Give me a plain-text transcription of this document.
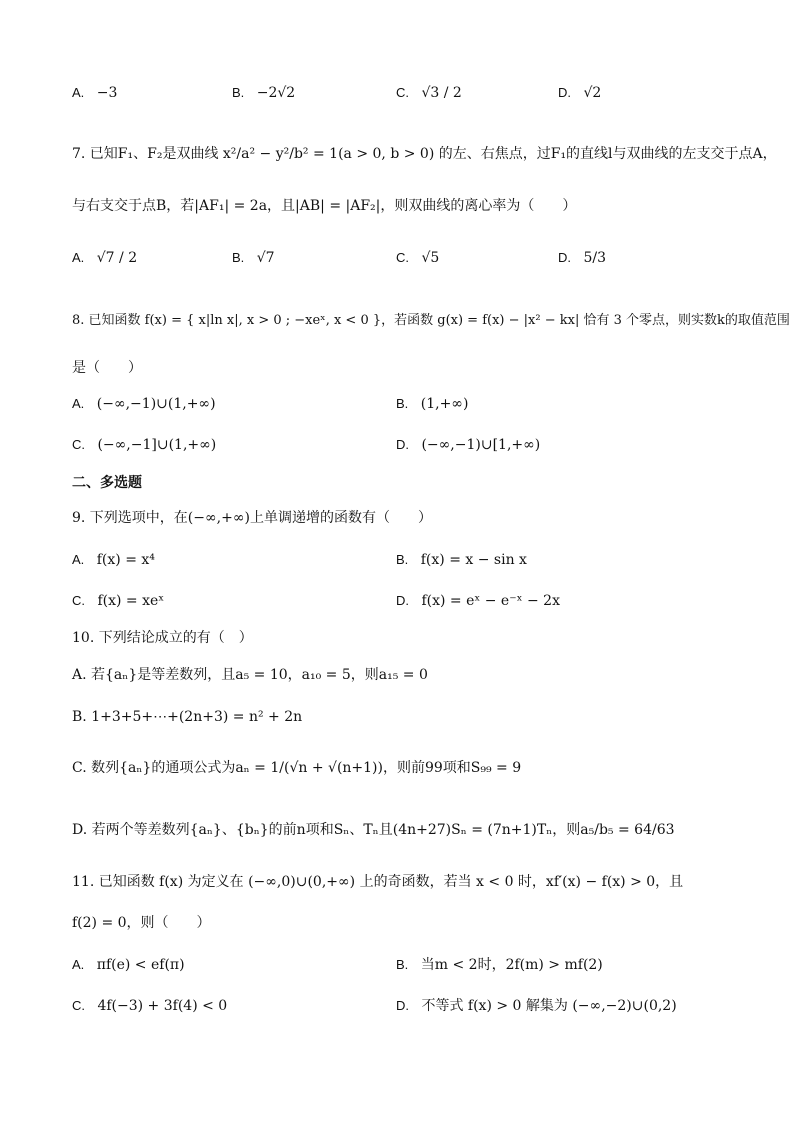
A. −3	B. −2√2	C. √3 / 2	D. √2
7. 已知F₁、F₂是双曲线 x²/a² − y²/b² = 1(a > 0, b > 0) 的左、右焦点，过F₁的直线l与双曲线的左支交于点A，
与右支交于点B，若|AF₁| = 2a，且|AB| = |AF₂|，则双曲线的离心率为（　　）
A. √7 / 2	B. √7	C. √5	D. 5/3
8. 已知函数 f(x) = { x|ln x|, x > 0 ; −xeˣ, x < 0 }，若函数 g(x) = f(x) − |x² − kx| 恰有 3 个零点，则实数k的取值范围
是（　　）
A. (−∞,−1)∪(1,+∞)	B. (1,+∞)
C. (−∞,−1]∪(1,+∞)	D. (−∞,−1)∪[1,+∞)
二、多选题
9. 下列选项中，在(−∞,+∞)上单调递增的函数有（　　）
A. f(x) = x⁴	B. f(x) = x − sin x
C. f(x) = xeˣ	D. f(x) = eˣ − e⁻ˣ − 2x
10. 下列结论成立的有（　）
A. 若{aₙ}是等差数列，且a₅ = 10，a₁₀ = 5，则a₁₅ = 0
B. 1+3+5+⋯+(2n+3) = n² + 2n
C. 数列{aₙ}的通项公式为aₙ = 1/(√n + √(n+1))，则前99项和S₉₉ = 9
D. 若两个等差数列{aₙ}、{bₙ}的前n项和Sₙ、Tₙ且(4n+27)Sₙ = (7n+1)Tₙ，则a₅/b₅ = 64/63
11. 已知函数 f(x) 为定义在 (−∞,0)∪(0,+∞) 上的奇函数，若当 x < 0 时，xf′(x) − f(x) > 0，且
f(2) = 0，则（　　）
A. πf(e) < ef(π)	B. 当m < 2时，2f(m) > mf(2)
C. 4f(−3) + 3f(4) < 0	D. 不等式 f(x) > 0 解集为 (−∞,−2)∪(0,2)
